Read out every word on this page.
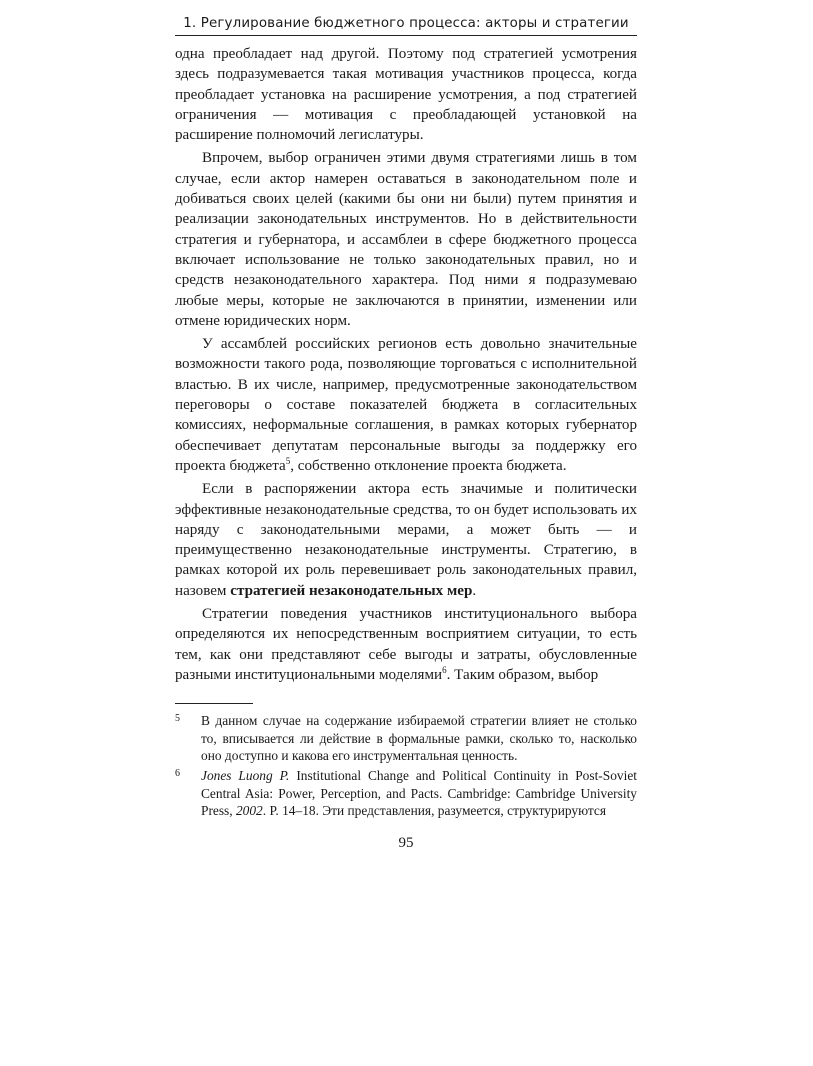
1. Регулирование бюджетного процесса: акторы и стратегии

одна преобладает над другой. Поэтому под стратегией усмотрения здесь подразумевается такая мотивация участников процесса, когда преобладает установка на расширение усмотрения, а под стратегией ограничения — мотивация с преобладающей установкой на расширение полномочий легислатуры.

Впрочем, выбор ограничен этими двумя стратегиями лишь в том случае, если актор намерен оставаться в законодательном поле и добиваться своих целей (какими бы они ни были) путем принятия и реализации законодательных инструментов. Но в действительности стратегия и губернатора, и ассамблеи в сфере бюджетного процесса включает использование не только законодательных правил, но и средств незаконодательного характера. Под ними я подразумеваю любые меры, которые не заключаются в принятии, изменении или отмене юридических норм.

У ассамблей российских регионов есть довольно значительные возможности такого рода, позволяющие торговаться с исполнительной властью. В их числе, например, предусмотренные законодательством переговоры о составе показателей бюджета в согласительных комиссиях, неформальные соглашения, в рамках которых губернатор обеспечивает депутатам персональные выгоды за поддержку его проекта бюджета$^5$, собственно отклонение проекта бюджета.

Если в распоряжении актора есть значимые и политически эффективные незаконодательные средства, то он будет использовать их наряду с законодательными мерами, а может быть — и преимущественно незаконодательные инструменты. Стратегию, в рамках которой их роль перевешивает роль законодательных правил, назовем стратегией незаконодательных мер.

Стратегии поведения участников институционального выбора определяются их непосредственным восприятием ситуации, то есть тем, как они представляют себе выгоды и затраты, обусловленные разными институциональными моделями$^6$. Таким образом, выбор

5	В данном случае на содержание избираемой стратегии влияет не столько то, вписывается ли действие в формальные рамки, сколько то, насколько оно доступно и какова его инструментальная ценность.
6	Jones Luong P. Institutional Change and Political Continuity in Post-Soviet Central Asia: Power, Perception, and Pacts. Cambridge: Cambridge University Press, 2002. P. 14–18. Эти представления, разумеется, структурируются
95
